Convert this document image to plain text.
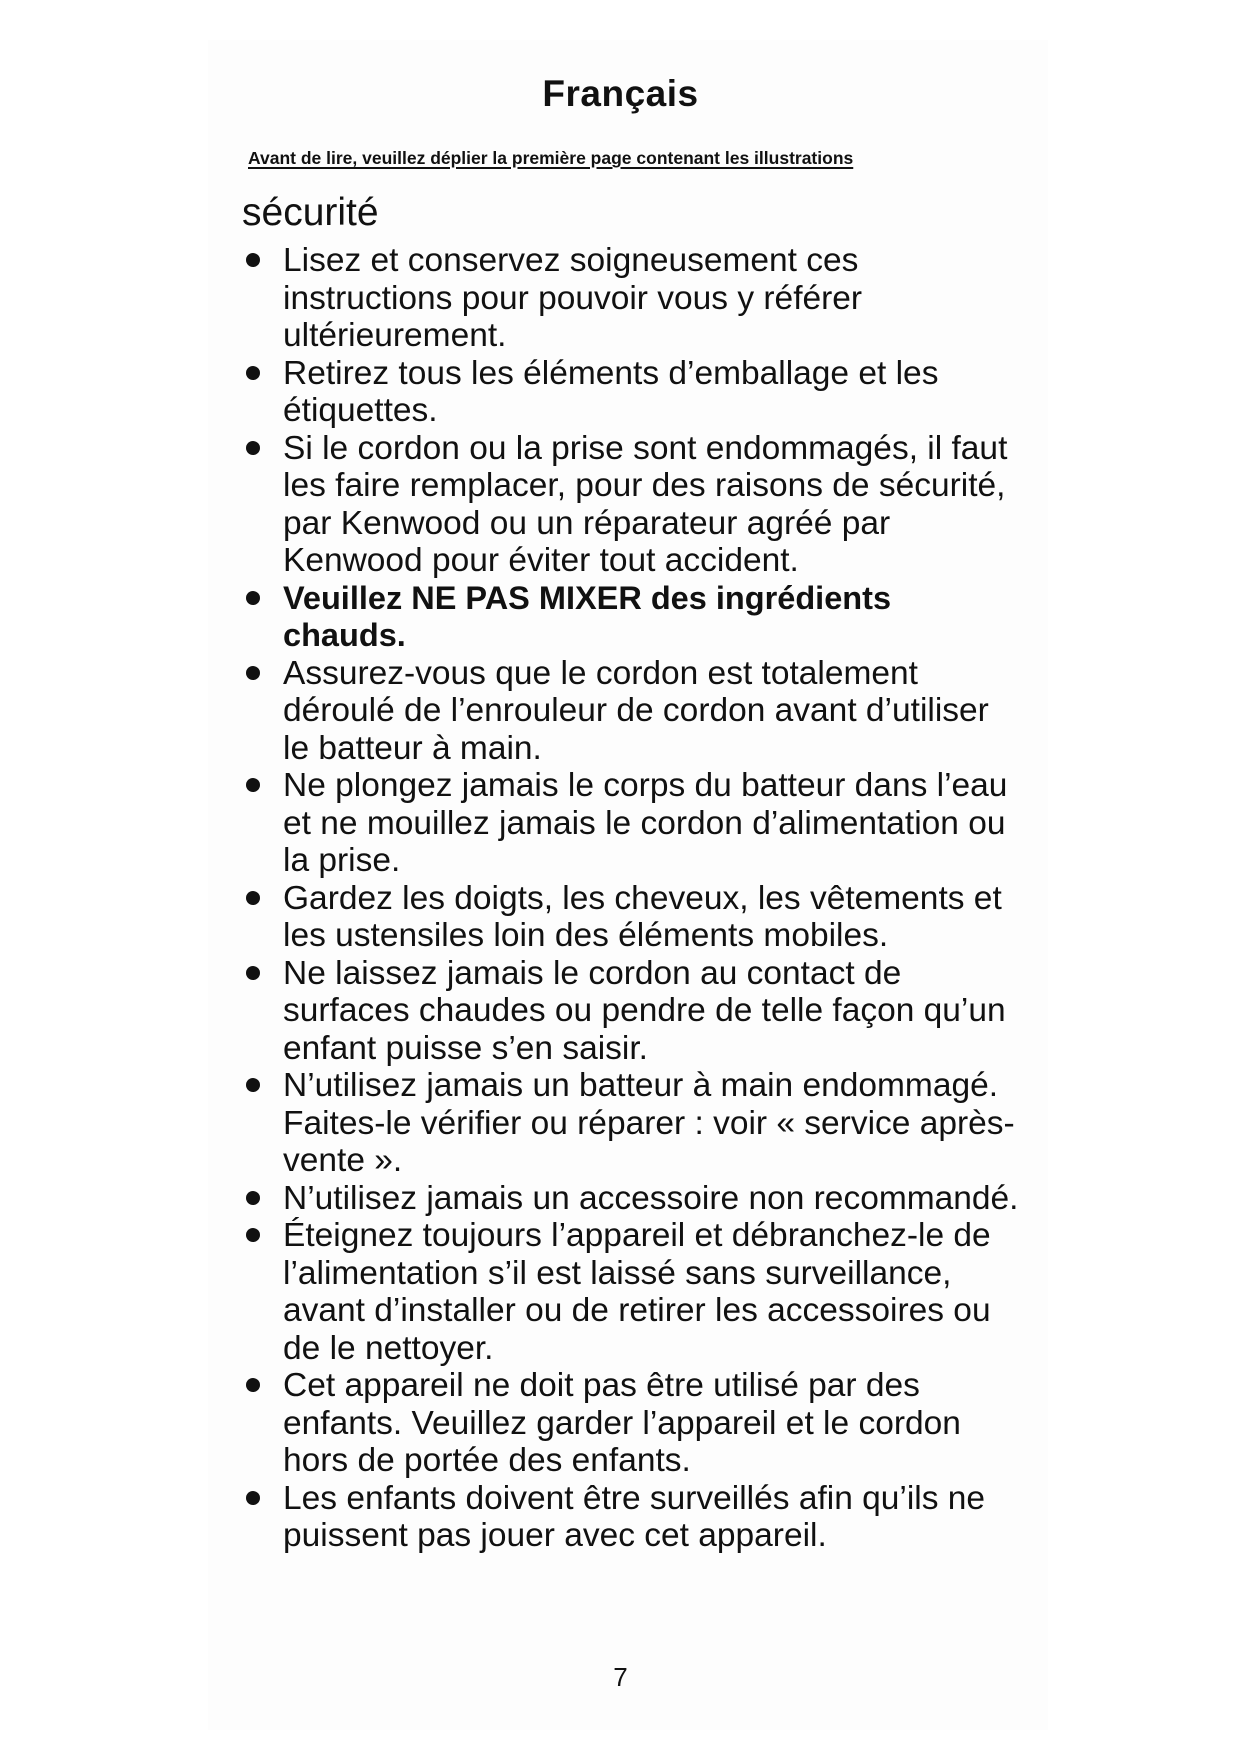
Français

Avant de lire, veuillez déplier la première page contenant les illustrations

sécurité
Lisez et conservez soigneusement ces instructions pour pouvoir vous y référer ultérieurement.
Retirez tous les éléments d’emballage et les étiquettes.
Si le cordon ou la prise sont endommagés, il faut les faire remplacer, pour des raisons de sécurité, par Kenwood ou un réparateur agréé par Kenwood pour éviter tout accident.
Veuillez NE PAS MIXER des ingrédients chauds.
Assurez-vous que le cordon est totalement déroulé de l’enrouleur de cordon avant d’utiliser le batteur à main.
Ne plongez jamais le corps du batteur dans l’eau et ne mouillez jamais le cordon d’alimentation ou la prise.
Gardez les doigts, les cheveux, les vêtements et les ustensiles loin des éléments mobiles.
Ne laissez jamais le cordon au contact de surfaces chaudes ou pendre de telle façon qu’un enfant puisse s’en saisir.
N’utilisez jamais un batteur à main endommagé. Faites-le vérifier ou réparer : voir « service après-vente ».
N’utilisez jamais un accessoire non recommandé.
Éteignez toujours l’appareil et débranchez-le de l’alimentation s’il est laissé sans surveillance, avant d’installer ou de retirer les accessoires ou de le nettoyer.
Cet appareil ne doit pas être utilisé par des enfants. Veuillez garder l’appareil et le cordon hors de portée des enfants.
Les enfants doivent être surveillés afin qu’ils ne puissent pas jouer avec cet appareil.

7
